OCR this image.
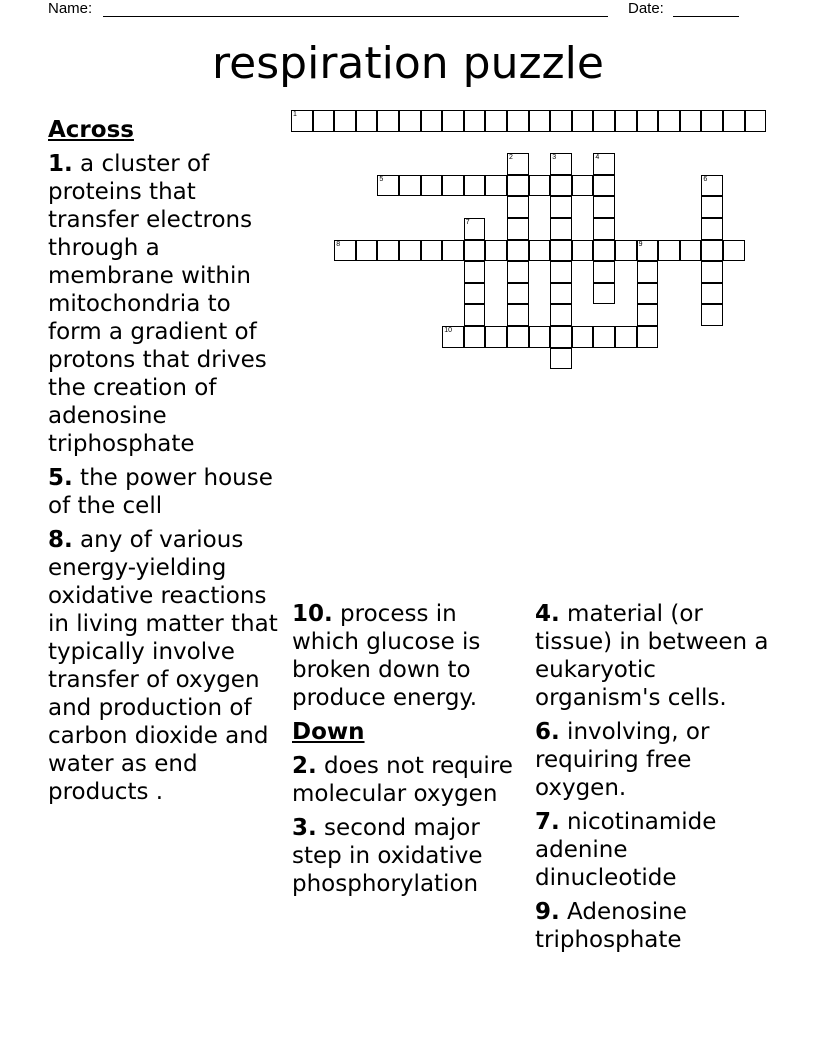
Name:	Date:
respiration puzzle
1
2	3	4
5	6
7
8	9
10
Across
1. a cluster of proteins that transfer electrons through a membrane within mitochondria to form a gradient of protons that drives the creation of adenosine triphosphate
5. the power house of the cell
8. any of various energy-yielding oxidative reactions in living matter that typically involve transfer of oxygen and production of carbon dioxide and water as end products .
10. process in which glucose is broken down to produce energy.
Down
2. does not require molecular oxygen
3. second major step in oxidative phosphorylation
4. material (or tissue) in between a eukaryotic organism's cells.
6. involving, or requiring free oxygen.
7. nicotinamide adenine dinucleotide
9. Adenosine triphosphate
